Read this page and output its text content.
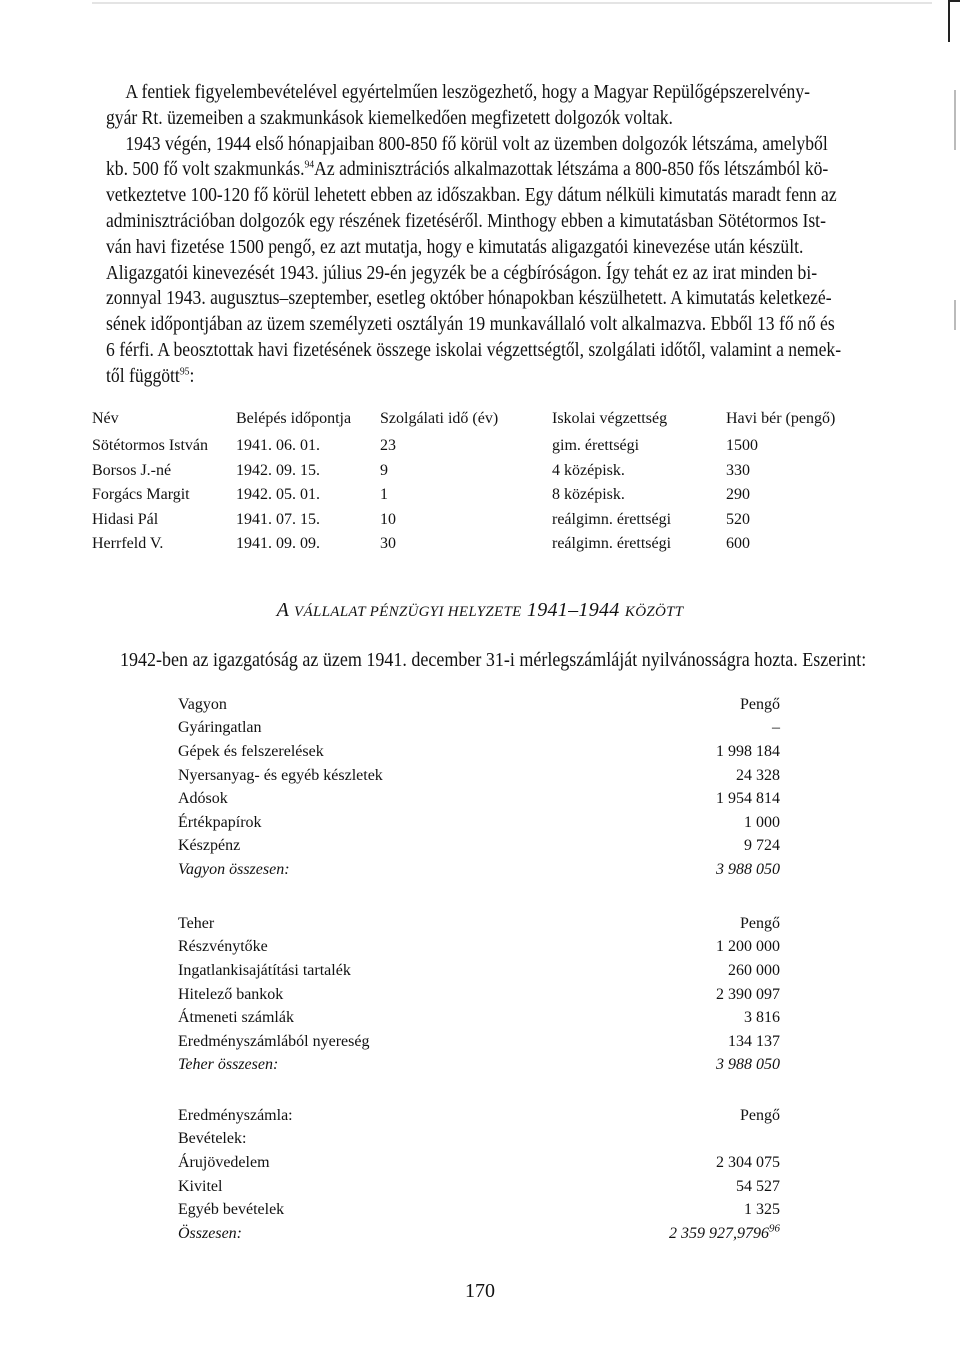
A fentiek figyelembevételével egyértelműen leszögezhető, hogy a Magyar Repülőgépszerelvény-

gyár Rt. üzemeiben a szakmunkások kiemelkedően megfizetett dolgozók voltak.

1943 végén, 1944 első hónapjaiban 800-850 fő körül volt az üzemben dolgozók létszáma, amelyből

kb. 500 fő volt szakmunkás.$^{94}$Az adminisztrációs alkalmazottak létszáma a 800-850 fős létszámból kö-

vetkeztetve 100-120 fő körül lehetett ebben az időszakban. Egy dátum nélküli kimutatás maradt fenn az

adminisztrációban dolgozók egy részének fizetéséről. Minthogy ebben a kimutatásban Sötétormos Ist-

ván havi fizetése 1500 pengő, ez azt mutatja, hogy e kimutatás aligazgatói kinevezése után készült.

Aligazgatói kinevezését 1943. július 29-én jegyzék be a cégbíróságon. Így tehát ez az irat minden bi-

zonnyal 1943. augusztus–szeptember, esetleg október hónapokban készülhetett. A kimutatás keletkezé-

sének időpontjában az üzem személyzeti osztályán 19 munkavállaló volt alkalmazva. Ebből 13 fő nő és

6 férfi. A beosztottak havi fizetésének összege iskolai végzettségtől, szolgálati időtől, valamint a nemek-

től függött$^{95}$:

Név	Belépés időpontja	Szolgálati idő (év)	Iskolai végzettség	Havi bér (pengő)
Sötétormos István	1941. 06. 01.	23	gim. érettségi	1500
Borsos J.-né	1942. 09. 15.	9	4 középisk.	330
Forgács Margit	1942. 05. 01.	1	8 középisk.	290
Hidasi Pál	1941. 07. 15.	10	reálgimn. érettségi	520
Herrfeld V.	1941. 09. 09.	30	reálgimn. érettségi	600
A VÁLLALAT PÉNZÜGYI HELYZETE 1941–1944 KÖZÖTT
1942-ben az igazgatóság az üzem 1941. december 31-i mérlegszámláját nyilvánosságra hozta. Eszerint:
Vagyon	Pengő
Gyáringatlan	–
Gépek és felszerelések	1 998 184
Nyersanyag- és egyéb készletek	24 328
Adósok	1 954 814
Értékpapírok	1 000
Készpénz	9 724
Vagyon összesen:	3 988 050
Teher	Pengő
Részvénytőke	1 200 000
Ingatlankisajátítási tartalék	260 000
Hitelező bankok	2 390 097
Átmeneti számlák	3 816
Eredményszámlából nyereség	134 137
Teher összesen:	3 988 050
Eredményszámla:	Pengő
Bevételek:
Árujövedelem	2 304 075
Kivitel	54 527
Egyéb bevételek	1 325
Összesen:	2 359 927,9796$^{96}$
170
